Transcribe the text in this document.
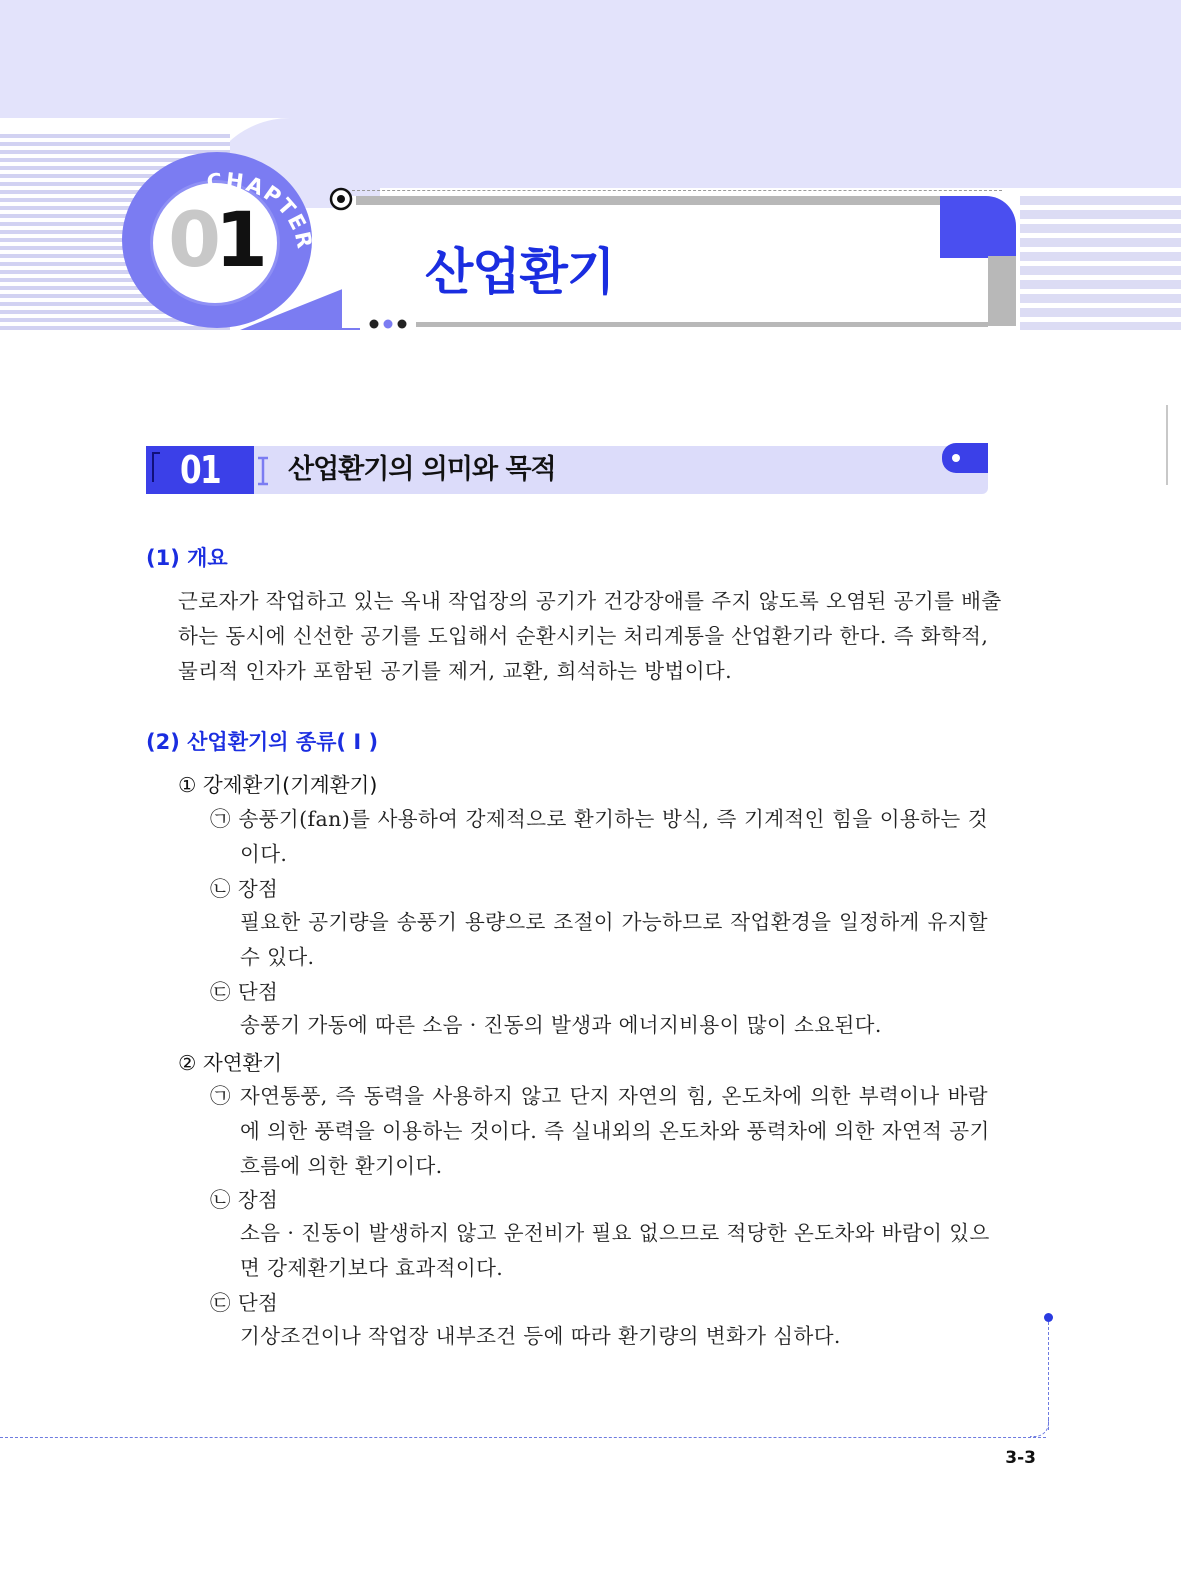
01
CHAPTER
산업환기
01	산업환기의 의미와 목적
(1) 개요
근로자가 작업하고 있는 옥내 작업장의 공기가 건강장애를 주지 않도록 오염된 공기를 배출
하는 동시에 신선한 공기를 도입해서 순환시키는 처리계통을 산업환기라 한다. 즉 화학적,
물리적 인자가 포함된 공기를 제거, 교환, 희석하는 방법이다.
(2) 산업환기의 종류( Ⅰ )
① 강제환기(기계환기)
㉠ 송풍기(fan)를 사용하여 강제적으로 환기하는 방식, 즉 기계적인 힘을 이용하는 것
이다.
㉡ 장점
필요한 공기량을 송풍기 용량으로 조절이 가능하므로 작업환경을 일정하게 유지할
수 있다.
㉢ 단점
송풍기 가동에 따른 소음 · 진동의 발생과 에너지비용이 많이 소요된다.
② 자연환기
㉠ 자연통풍, 즉 동력을 사용하지 않고 단지 자연의 힘, 온도차에 의한 부력이나 바람
에 의한 풍력을 이용하는 것이다. 즉 실내외의 온도차와 풍력차에 의한 자연적 공기
흐름에 의한 환기이다.
㉡ 장점
소음 · 진동이 발생하지 않고 운전비가 필요 없으므로 적당한 온도차와 바람이 있으
면 강제환기보다 효과적이다.
㉢ 단점
기상조건이나 작업장 내부조건 등에 따라 환기량의 변화가 심하다.
3-3
